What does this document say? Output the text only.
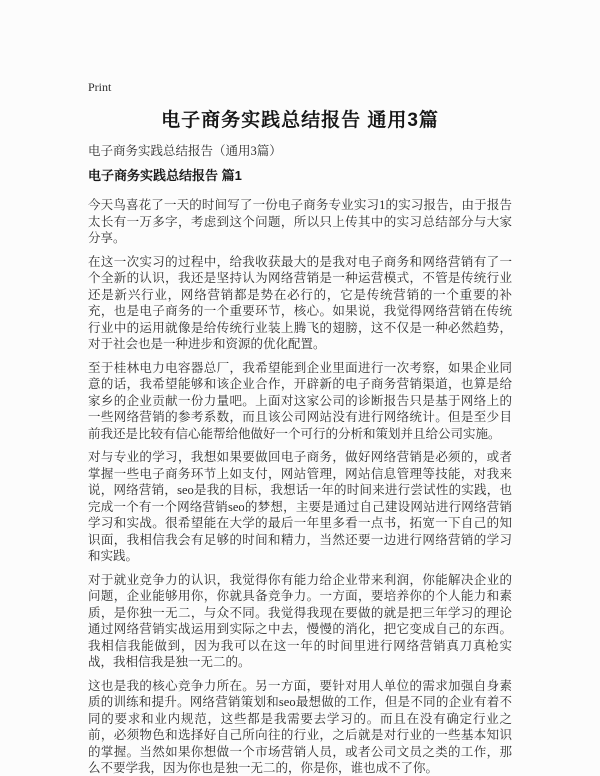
Print
电子商务实践总结报告 通用3篇
电子商务实践总结报告（通用3篇）
电子商务实践总结报告 篇1

今天鸟喜花了一天的时间写了一份电子商务专业实习1的实习报告，由于报告太长有一万多字，考虑到这个问题，所以只上传其中的实习总结部分与大家分享。

在这一次实习的过程中，给我收获最大的是我对电子商务和网络营销有了一个全新的认识，我还是坚持认为网络营销是一种运营模式，不管是传统行业还是新兴行业，网络营销都是势在必行的，它是传统营销的一个重要的补充，也是电子商务的一个重要环节，核心。如果说，我觉得网络营销在传统行业中的运用就像是给传统行业装上腾飞的翅膀，这不仅是一种必然趋势，对于社会也是一种进步和资源的优化配置。

至于桂林电力电容器总厂，我希望能到企业里面进行一次考察，如果企业同意的话，我希望能够和该企业合作，开辟新的电子商务营销渠道，也算是给家乡的企业贡献一份力量吧。上面对这家公司的诊断报告只是基于网络上的一些网络营销的参考系数，而且该公司网站没有进行网络统计。但是至少目前我还是比较有信心能帮给他做好一个可行的分析和策划并且给公司实施。

对与专业的学习，我想如果要做回电子商务，做好网络营销是必须的，或者掌握一些电子商务环节上如支付，网站管理，网站信息管理等技能，对我来说，网络营销，seo是我的目标，我想话一年的时间来进行尝试性的实践，也完成一个有一个网络营销seo的梦想，主要是通过自己建设网站进行网络营销学习和实战。很希望能在大学的最后一年里多看一点书，拓宽一下自己的知识面，我相信我会有足够的时间和精力，当然还要一边进行网络营销的学习和实践。

对于就业竞争力的认识，我觉得你有能力给企业带来利润，你能解决企业的问题，企业能够用你，你就具备竞争力。一方面，要培养你的个人能力和素质，是你独一无二，与众不同。我觉得我现在要做的就是把三年学习的理论通过网络营销实战运用到实际之中去，慢慢的消化，把它变成自己的东西。我相信我能做到，因为我可以在这一年的时间里进行网络营销真刀真枪实战，我相信我是独一无二的。

这也是我的核心竞争力所在。另一方面，要针对用人单位的需求加强自身素质的训练和提升。网络营销策划和seo最想做的工作，但是不同的企业有着不同的要求和业内规范，这些都是我需要去学习的。而且在没有确定行业之前，必须物色和选择好自己所向往的行业，之后就是对行业的一些基本知识的掌握。当然如果你想做一个市场营销人员，或者公司文员之类的工作，那么不要学我，因为你也是独一无二的，你是你，谁也成不了你。
